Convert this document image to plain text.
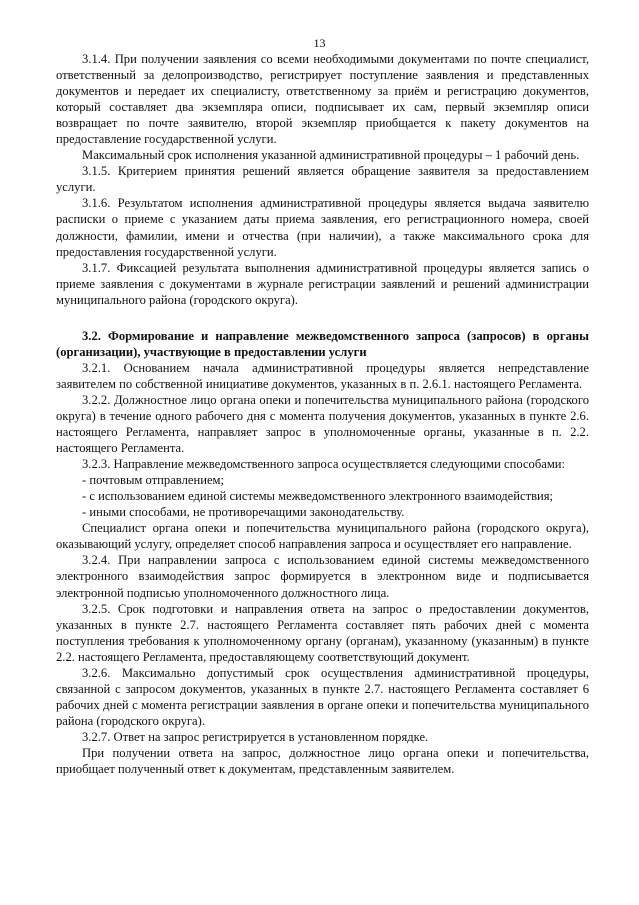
13

3.1.4. При получении заявления со всеми необходимыми документами по почте специалист, ответственный за делопроизводство, регистрирует поступление заявления и представленных документов и передает их специалисту, ответственному за приём и регистрацию документов, который составляет два экземпляра описи, подписывает их сам, первый экземпляр описи возвращает по почте заявителю, второй экземпляр приобщается к пакету документов на предоставление государственной услуги.

Максимальный срок исполнения указанной административной процедуры – 1 рабочий день.

3.1.5. Критерием принятия решений является обращение заявителя за предоставлением услуги.

3.1.6. Результатом исполнения административной процедуры является выдача заявителю расписки о приеме с указанием даты приема заявления, его регистрационного номера, своей должности, фамилии, имени и отчества (при наличии), а также максимального срока для предоставления государственной услуги.

3.1.7. Фиксацией результата выполнения административной процедуры является запись о приеме заявления с документами в журнале регистрации заявлений и решений администрации муниципального района (городского округа).

3.2. Формирование и направление межведомственного запроса (запросов) в органы (организации), участвующие в предоставлении услуги

3.2.1. Основанием начала административной процедуры является непредставление заявителем по собственной инициативе документов, указанных в п. 2.6.1. настоящего Регламента.

3.2.2. Должностное лицо органа опеки и попечительства муниципального района (городского округа) в течение одного рабочего дня с момента получения документов, указанных в пункте 2.6. настоящего Регламента, направляет запрос в уполномоченные органы, указанные в п. 2.2. настоящего Регламента.

3.2.3. Направление межведомственного запроса осуществляется следующими способами:

- почтовым отправлением;

- с использованием единой системы межведомственного электронного взаимодействия;

- иными способами, не противоречащими законодательству.

Специалист органа опеки и попечительства муниципального района (городского округа), оказывающий услугу, определяет способ направления запроса и осуществляет его направление.

3.2.4. При направлении запроса с использованием единой системы межведомственного электронного взаимодействия запрос формируется в электронном виде и подписывается электронной подписью уполномоченного должностного лица.

3.2.5. Срок подготовки и направления ответа на запрос о предоставлении документов, указанных в пункте 2.7. настоящего Регламента составляет пять рабочих дней с момента поступления требования к уполномоченному органу (органам), указанному (указанным) в пункте 2.2. настоящего Регламента, предоставляющему соответствующий документ.

3.2.6. Максимально допустимый срок осуществления административной процедуры, связанной с запросом документов, указанных в пункте 2.7. настоящего Регламента составляет 6 рабочих дней с момента регистрации заявления в органе опеки и попечительства муниципального района (городского округа).

3.2.7. Ответ на запрос регистрируется в установленном порядке.

При получении ответа на запрос, должностное лицо органа опеки и попечительства, приобщает полученный ответ к документам, представленным заявителем.
